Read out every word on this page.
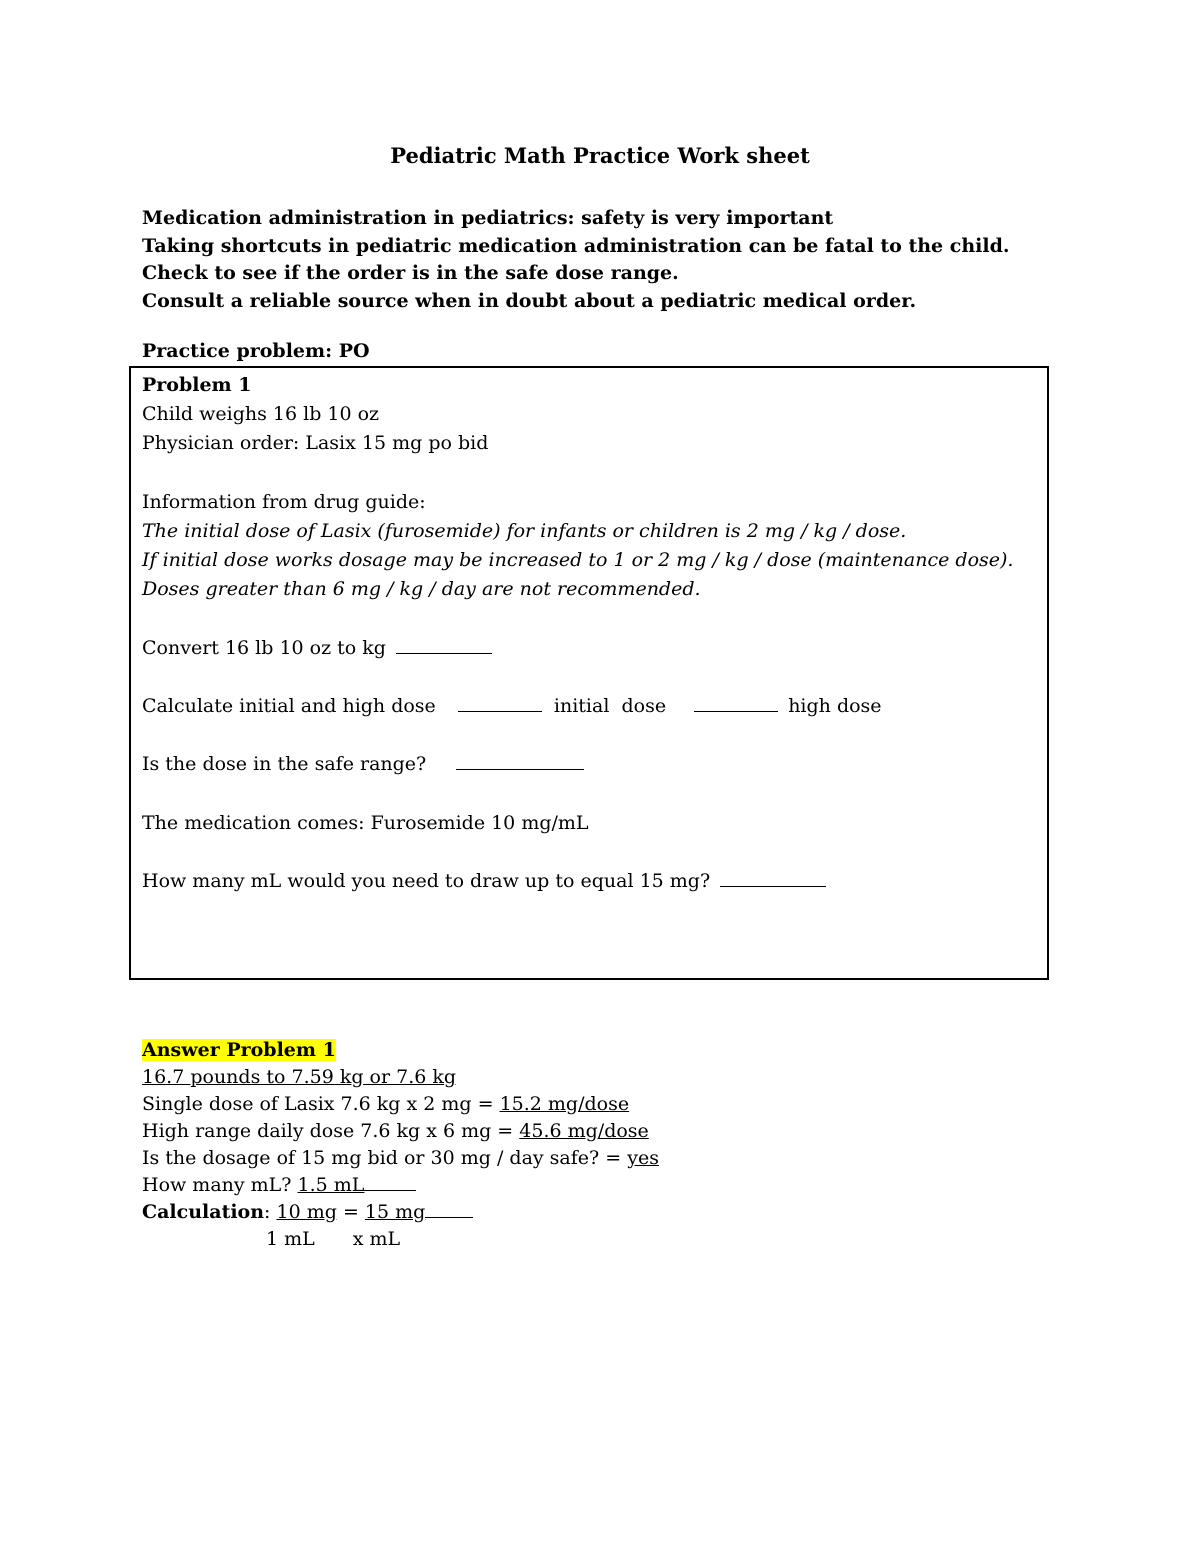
Pediatric Math Practice Work sheet
Medication administration in pediatrics: safety is very important
Taking shortcuts in pediatric medication administration can be fatal to the child.
Check to see if the order is in the safe dose range.
Consult a reliable source when in doubt about a pediatric medical order.
Practice problem: PO
Problem 1
Child weighs 16 lb 10 oz
Physician order: Lasix 15 mg po bid
Information from drug guide:
The initial dose of Lasix (furosemide) for infants or children is 2 mg / kg / dose.
If initial dose works dosage may be increased to 1 or 2 mg / kg / dose (maintenance dose).
Doses greater than 6 mg / kg / day are not recommended.
Convert 16 lb 10 oz to kg
Calculate initial and high dose	initial  dose	high dose
Is the dose in the safe range?
The medication comes: Furosemide 10 mg/mL
How many mL would you need to draw up to equal 15 mg?
Answer Problem 1
16.7 pounds to 7.59 kg or 7.6 kg
Single dose of Lasix 7.6 kg x 2 mg = 15.2 mg/dose
High range daily dose 7.6 kg x 6 mg = 45.6 mg/dose
Is the dosage of 15 mg bid or 30 mg / day safe? = yes
How many mL? 1.5 mL
Calculation: 10 mg = 15 mg
1 mL x mL
